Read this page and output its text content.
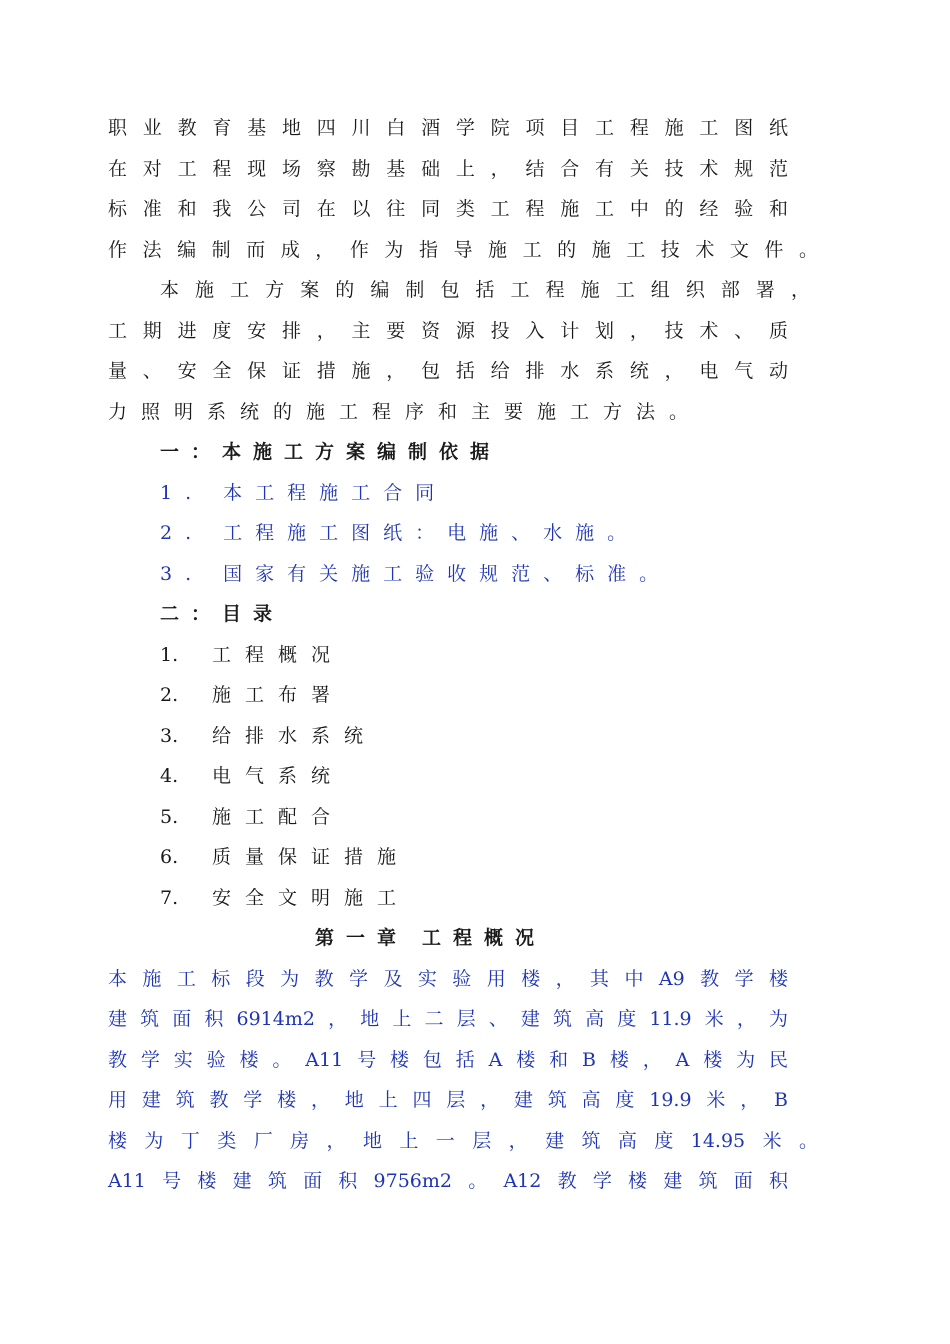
职业教育基地四川白酒学院项目工程施工图纸
在对工程现场察勘基础上，结合有关技术规范
标准和我公司在以往同类工程施工中的经验和
作法编制而成，作为指导施工的施工技术文件。
本施工方案的编制包括工程施工组织部署，
工期进度安排，主要资源投入计划，技术、质
量、安全保证措施，包括给排水系统，电气动
力照明系统的施工程序和主要施工方法。
一：本施工方案编制依据
1. 本工程施工合同
2. 工程施工图纸：电施、水施。
3. 国家有关施工验收规范、标准。
二：目录
1. 工程概况
2. 施工布署
3. 给排水系统
4. 电气系统
5. 施工配合
6. 质量保证措施
7. 安全文明施工
第一章 工程概况
本施工标段为教学及实验用楼，其中A9教学楼
建筑面积6914m2，地上二层、建筑高度11.9米，为
教学实验楼。A11号楼包括A楼和B楼，A楼为民
用建筑教学楼，地上四层，建筑高度19.9米，B
楼为丁类厂房，地上一层，建筑高度14.95米。
A11号楼建筑面积9756m2。A12教学楼建筑面积
